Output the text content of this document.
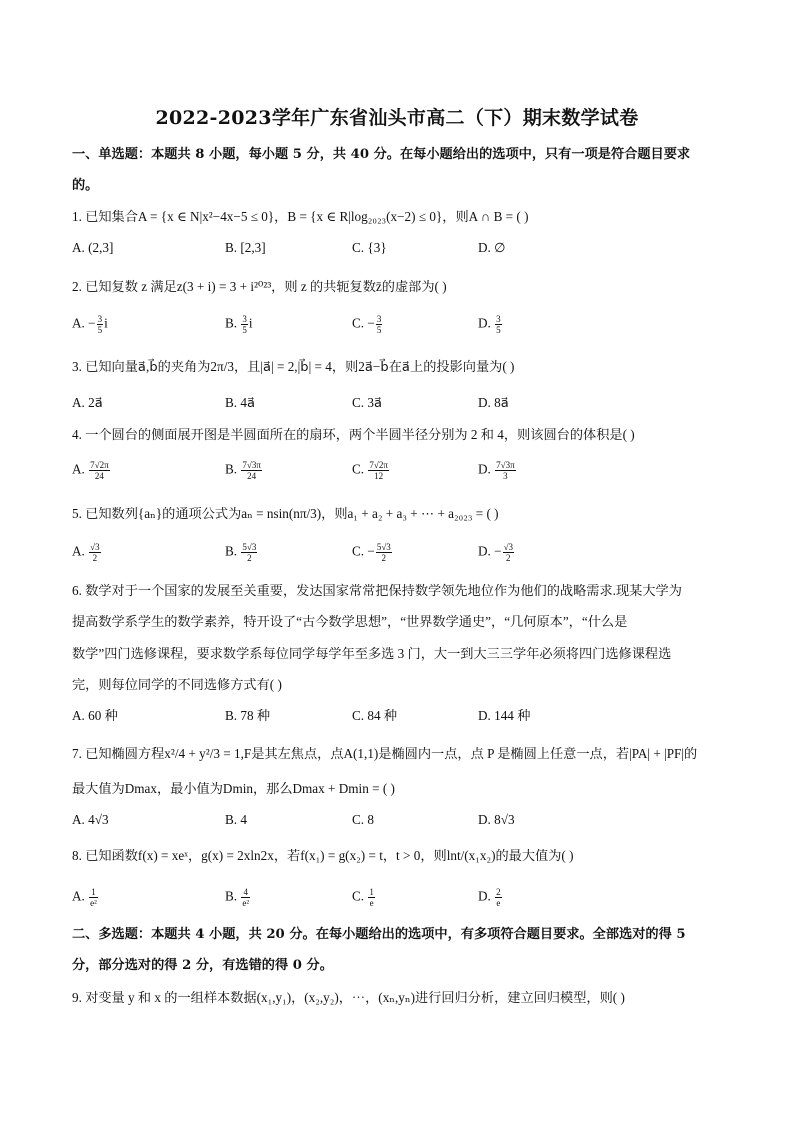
2022-2023学年广东省汕头市高二（下）期末数学试卷
一、单选题：本题共 8 小题，每小题 5 分，共 40 分。在每小题给出的选项中，只有一项是符合题目要求
的。
1. 已知集合A = {x ∈ N|x²−4x−5 ≤ 0}，B = {x ∈ R|log₂₀₂₃(x−2) ≤ 0}，则A ∩ B = ( )
A. (2,3]	B. [2,3]	C. {3}	D. ∅
2. 已知复数 z 满足z(3 + i) = 3 + i²⁰²³，则 z 的共轭复数z̄的虚部为( )
A. − $\frac{3}{5}$ i	B. $\frac{3}{5}$ i	C. − $\frac{3}{5}$	D. $\frac{3}{5}$
3. 已知向量a⃗,b⃗的夹角为2π/3，且|a⃗| = 2,|b⃗| = 4，则2a⃗−b⃗在a⃗上的投影向量为( )
A. 2a⃗	B. 4a⃗	C. 3a⃗	D. 8a⃗
4. 一个圆台的侧面展开图是半圆面所在的扇环，两个半圆半径分别为 2 和 4，则该圆台的体积是( )
A. $\frac{7√2\pi}{24}$	B. $\frac{7√3\pi}{24}$	C. $\frac{7√2\pi}{12}$	D. $\frac{7√3\pi}{3}$
5. 已知数列{aₙ}的通项公式为aₙ = nsin(nπ/3)，则a₁ + a₂ + a₃ + ⋯ + a₂₀₂₃ = ( )
A. $\frac{√3}{2}$	B. $\frac{5√3}{2}$	C. − $\frac{5√3}{2}$	D. − $\frac{√3}{2}$
6. 数学对于一个国家的发展至关重要，发达国家常常把保持数学领先地位作为他们的战略需求.现某大学为
提高数学系学生的数学素养，特开设了“古今数学思想”，“世界数学通史”，“几何原本”，“什么是
数学”四门选修课程，要求数学系每位同学每学年至多选 3 门，大一到大三三学年必须将四门选修课程选
完，则每位同学的不同选修方式有( )
A. 60 种	B. 78 种	C. 84 种	D. 144 种
7. 已知椭圆方程x²/4 + y²/3 = 1,F是其左焦点，点A(1,1)是椭圆内一点，点 P 是椭圆上任意一点，若|PA| + |PF|的
最大值为Dmax，最小值为Dmin，那么Dmax + Dmin = ( )
A. 4√3	B. 4	C. 8	D. 8√3
8. 已知函数f(x) = xeˣ，g(x) = 2xln2x，若f(x₁) = g(x₂) = t，t > 0，则lnt/(x₁x₂)的最大值为( )
A. $\frac{1}{\text{e²}}$	B. $\frac{4}{\text{e²}}$	C. $\frac{1}{e}$	D. $\frac{2}{e}$
二、多选题：本题共 4 小题，共 20 分。在每小题给出的选项中，有多项符合题目要求。全部选对的得 5
分，部分选对的得 2 分，有选错的得 0 分。
9. 对变量 y 和 x 的一组样本数据(x₁,y₁)，(x₂,y₂)，⋯，(xₙ,yₙ)进行回归分析，建立回归模型，则( )
